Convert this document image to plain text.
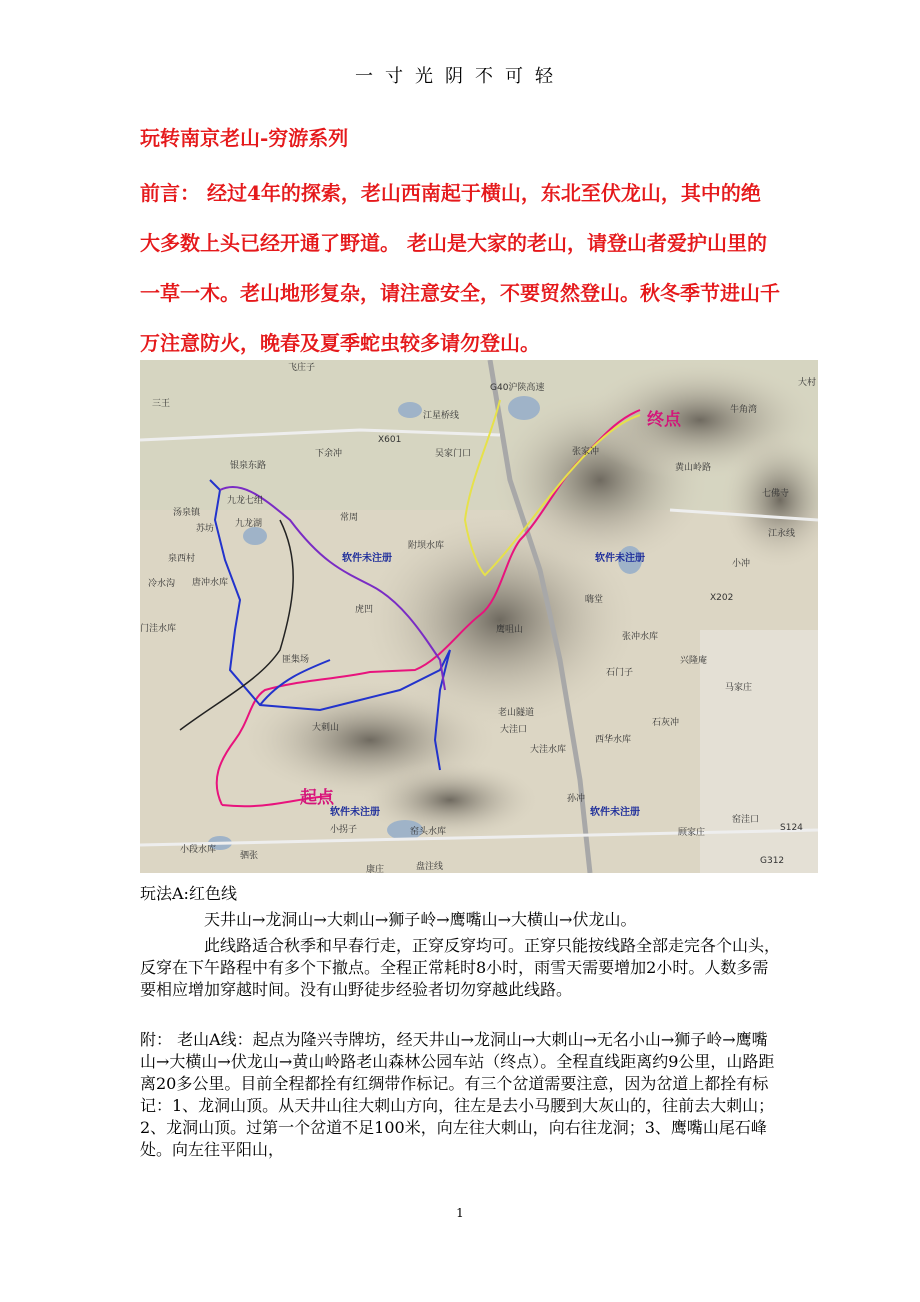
一寸光阴不可轻
玩转南京老山-穷游系列
前言： 经过4年的探索，老山西南起于横山，东北至伏龙山，其中的绝大多数上头已经开通了野道。 老山是大家的老山，请登山者爱护山里的一草一木。老山地形复杂，请注意安全，不要贸然登山。秋冬季节进山千万注意防火，晚春及夏季蛇虫较多请勿登山。
起点
终点
软件未注册	软件未注册
软件未注册	软件未注册
飞庄子
三王
江星桥线
X601
下余冲	吴家门口	张家冲
牛角湾
银泉东路
汤泉镇
苏坊
九龙七组
九龙湖
常周
附坝水库
泉西村
冷水沟 唐冲水库
门洼水库
虎凹
匪集场
鹰咀山
大刺山
老山隧道
大洼口
大洼水库
西华水库
石门子
石灰冲
马家庄
张冲水库
兴隆庵
嗨堂
七佛寺
小冲
X202
孙冲
小拐子	窑头水库
小段水库
驷张
康庄	盘注线
窑洼口
顾家庄	S124
G312
G40沪陕高速
黄山岭路
江永线
大村
玩法A:红色线
天井山→龙洞山→大刺山→狮子岭→鹰嘴山→大横山→伏龙山。
此线路适合秋季和早春行走，正穿反穿均可。正穿只能按线路全部走完各个山头，反穿在下午路程中有多个下撤点。全程正常耗时8小时，雨雪天需要增加2小时。人数多需要相应增加穿越时间。没有山野徒步经验者切勿穿越此线路。
附： 老山A线：起点为隆兴寺牌坊，经天井山→龙洞山→大刺山→无名小山→狮子岭→鹰嘴山→大横山→伏龙山→黄山岭路老山森林公园车站（终点）。全程直线距离约9公里，山路距离20多公里。目前全程都拴有红绸带作标记。有三个岔道需要注意，因为岔道上都拴有标记：1、龙洞山顶。从天井山往大刺山方向，往左是去小马腰到大灰山的，往前去大刺山；2、龙洞山顶。过第一个岔道不足100米，向左往大刺山，向右往龙洞；3、鹰嘴山尾石峰处。向左往平阳山，
1
